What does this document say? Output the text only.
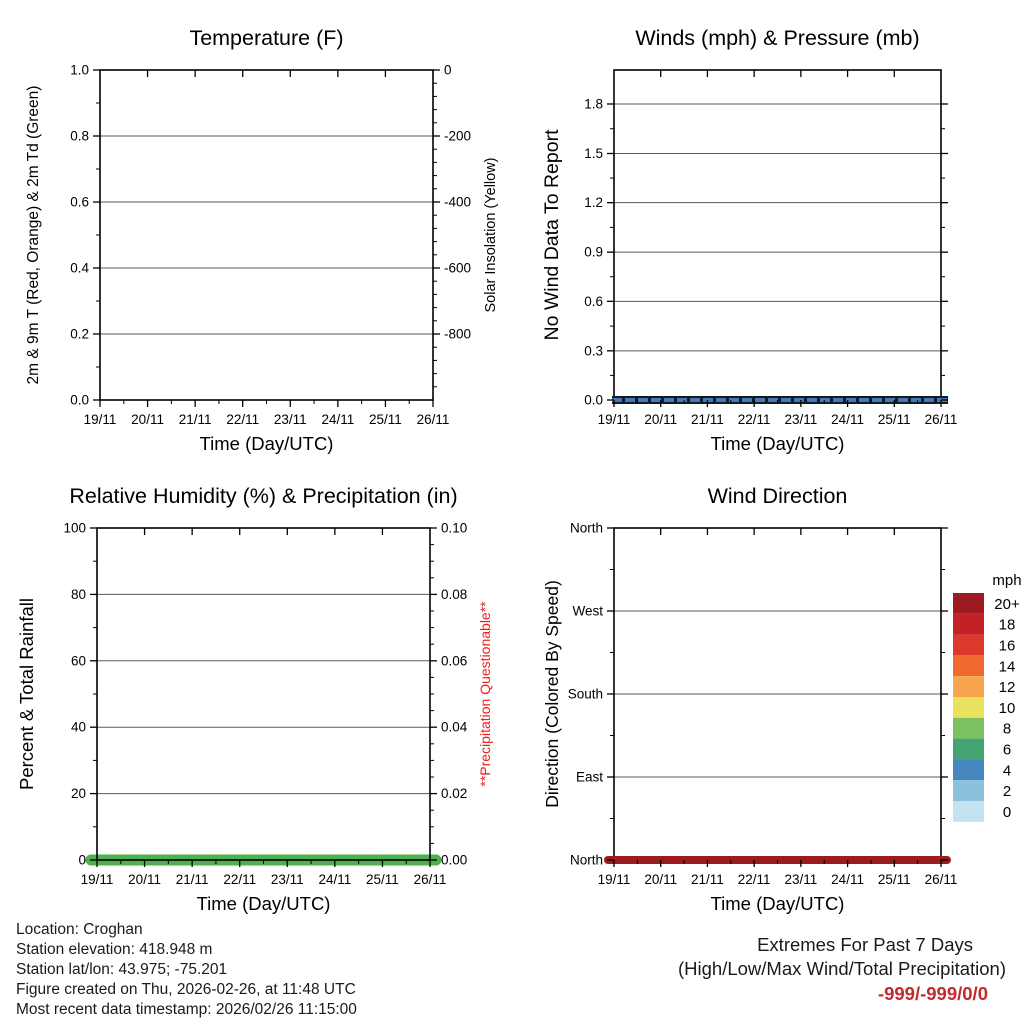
Temperature (F)
19/11 20/11 21/11 22/11 23/11 24/11 25/11 26/11
Time (Day/UTC)
1.0
0.8
0.6
0.4
0.2
0.0
2m & 9m T (Red, Orange) & 2m Td (Green)
0
-200
-400
-600
-800
Solar Insolation (Yellow)
Winds (mph) & Pressure (mb)
19/11 20/11 21/11 22/11 23/11 24/11 25/11 26/11
Time (Day/UTC)
1.8
1.5
1.2
0.9
0.6
0.3
0.0
No Wind Data To Report
Relative Humidity (%) & Precipitation (in)
19/11 20/11 21/11 22/11 23/11 24/11 25/11 26/11
Time (Day/UTC)
100
80
60
40
20
0
Percent & Total Rainfall
0.10
0.08
0.06
0.04
0.02
0.00
**Precipitation Questionable**
Wind Direction
19/11 20/11 21/11 22/11 23/11 24/11 25/11 26/11
Time (Day/UTC)
North
West
South
East
North
Direction (Colored By Speed)	mph
20+
18
16
14
12
10
8
6
4
2
0
Location: Croghan
Station elevation: 418.948 m
Station lat/lon: 43.975; -75.201
Figure created on Thu, 2026-02-26, at 11:48 UTC
Most recent data timestamp: 2026/02/26 11:15:00
Extremes For Past 7 Days
(High/Low/Max Wind/Total Precipitation)
-999/-999/0/0
